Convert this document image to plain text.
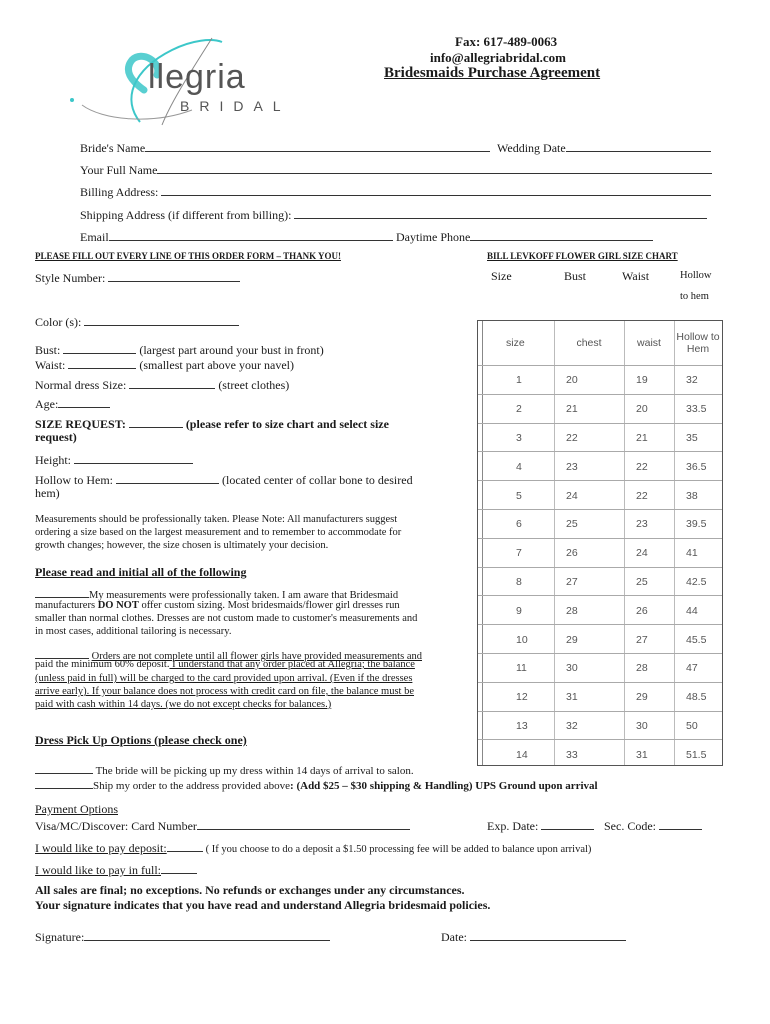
llegria
BRIDAL
Fax: 617-489-0063
info@allegriabridal.com
Bridesmaids Purchase Agreement
Bride's Name	Wedding Date
Your Full Name
Billing Address:
Shipping Address (if different from billing):
Email	Daytime Phone
PLEASE FILL OUT EVERY LINE OF THIS ORDER FORM – THANK YOU!	BILL LEVKOFF FLOWER GIRL SIZE CHART
Size	Bust	Waist	Hollow
to hem
Style Number:
Color (s):
Bust:	(largest part around your bust in front)
Waist:	(smallest part above your navel)
Normal dress Size:	(street clothes)
Age:
SIZE REQUEST:	(please refer to size chart and select size
request)
Height:
Hollow to Hem:	(located center of collar bone to desired
hem)
Measurements should be professionally taken. Please Note: All manufacturers suggest
ordering a size based on the largest measurement and to remember to accommodate for
growth changes; however, the size chosen is ultimately your decision.
Please read and initial all of the following
My measurements were professionally taken. I am aware that Bridesmaid
manufacturers DO NOT offer custom sizing. Most bridesmaids/flower girl dresses run
smaller than normal clothes. Dresses are not custom made to customer's measurements and
in most cases, additional tailoring is necessary.
Orders are not complete until all flower girls have provided measurements and
paid the minimum 60% deposit. I understand that any order placed at Allegria; the balance
(unless paid in full) will be charged to the card provided upon arrival. (Even if the dresses
arrive early). If your balance does not process with credit card on file, the balance must be
paid with cash within 14 days. (we do not except checks for balances.)
Dress Pick Up Options (please check one)
The bride will be picking up my dress within 14 days of arrival to salon.
Ship my order to the address provided above: (Add $25 – $30 shipping & Handling) UPS Ground upon arrival
Payment Options
Visa/MC/Discover: Card Number	Exp. Date:	Sec. Code:
I would like to pay deposit:	( If you choose to do a deposit a $1.50 processing fee will be added to balance upon arrival)
I would like to pay in full:
All sales are final; no exceptions. No refunds or exchanges under any circumstances.
Your signature indicates that you have read and understand Allegria bridesmaid policies.
Signature:	Date:
size	chest	waist	Hollow to Hem
1	20	19	32
2	21	20	33.5
3	22	21	35
4	23	22	36.5
5	24	22	38
6	25	23	39.5
7	26	24	41
8	27	25	42.5
9	28	26	44
10	29	27	45.5
11	30	28	47
12	31	29	48.5
13	32	30	50
14	33	31	51.5
